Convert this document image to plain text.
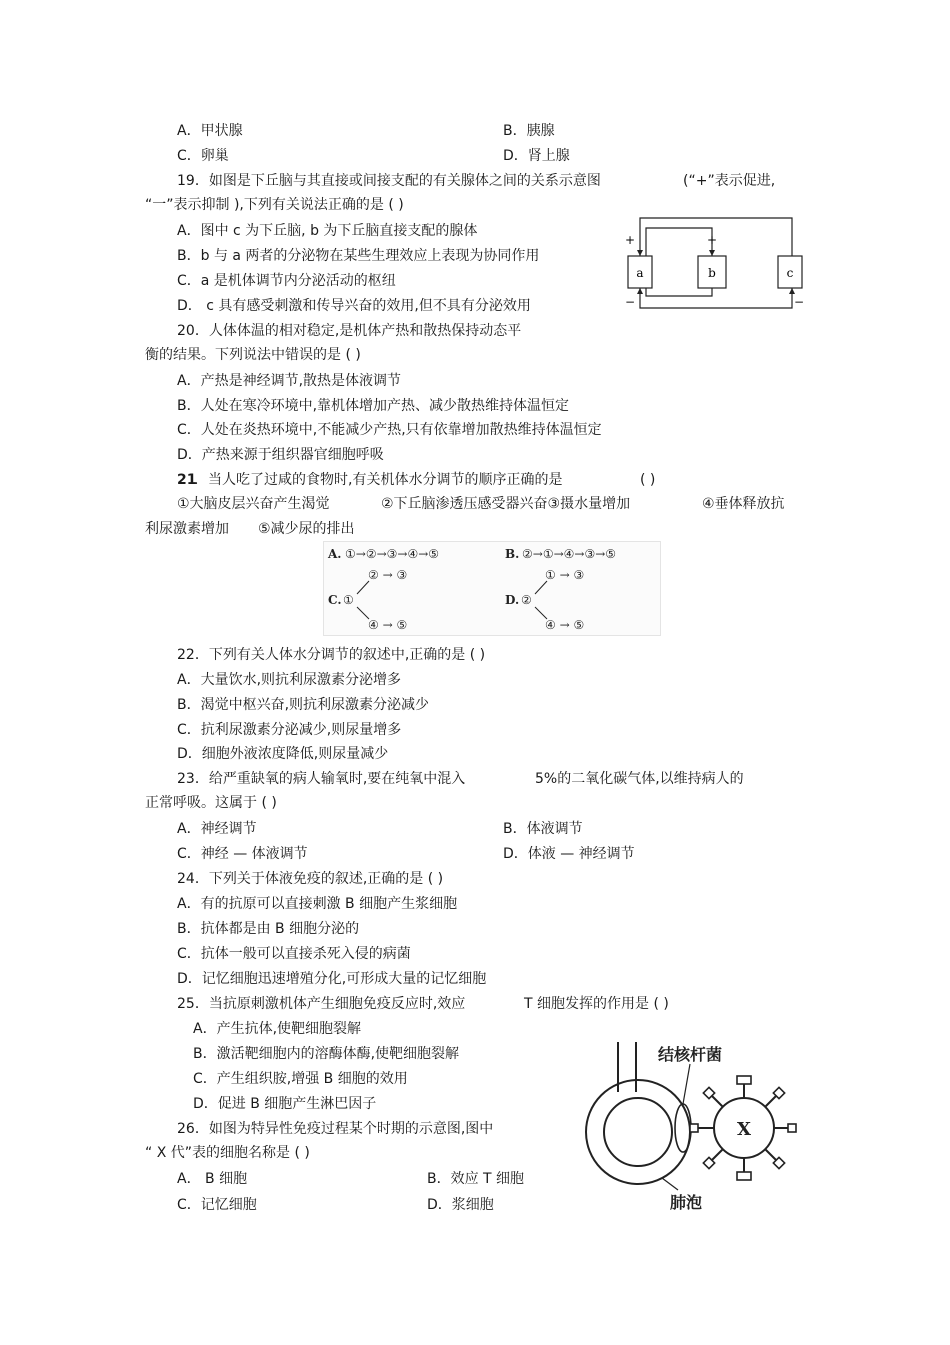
A．甲状腺	B．胰腺
C．卵巢	D．肾上腺
19．如图是下丘脑与其直接或间接支配的有关腺体之间的关系示意图	(“+”表示促进,
“一”表示抑制 ),下列有关说法正确的是 ( )
A．图中 c 为下丘脑, b 为下丘脑直接支配的腺体
B．b 与 a 两者的分泌物在某些生理效应上表现为协同作用
C．a 是机体调节内分泌活动的枢纽
D． c 具有感受刺激和传导兴奋的效用,但不具有分泌效用
a	b	c
+	+
−	−
20．人体体温的相对稳定,是机体产热和散热保持动态平
衡的结果。下列说法中错误的是 ( )
A．产热是神经调节,散热是体液调节
B．人处在寒冷环境中,靠机体增加产热、减少散热维持体温恒定
C．人处在炎热环境中,不能减少产热,只有依靠增加散热维持体温恒定
D．产热来源于组织器官细胞呼吸
21
．当人吃了过咸的食物时,有关机体水分调节的顺序正确的是	( )
①大脑皮层兴奋产生渴觉	②下丘脑渗透压感受器兴奋③摄水量增加	④垂体释放抗
利尿激素增加 ⑤减少尿的排出
A. ①→②→③→④→⑤	B. ②→①→④→③→⑤
C. ①
② → ③
④ → ⑤
D. ②
① → ③
④ → ⑤
22．下列有关人体水分调节的叙述中,正确的是 ( )
A．大量饮水,则抗利尿激素分泌增多
B．渴觉中枢兴奋,则抗利尿激素分泌减少
C．抗利尿激素分泌减少,则尿量增多
D．细胞外液浓度降低,则尿量减少
23．给严重缺氧的病人输氧时,要在纯氧中混入	5%的二氧化碳气体,以维持病人的
正常呼吸。这属于 ( )
A．神经调节	B．体液调节
C．神经 — 体液调节	D．体液 — 神经调节
24．下列关于体液免疫的叙述,正确的是 ( )
A．有的抗原可以直接刺激 B 细胞产生浆细胞
B．抗体都是由 B 细胞分泌的
C．抗体一般可以直接杀死入侵的病菌
D．记忆细胞迅速增殖分化,可形成大量的记忆细胞
25．当抗原刺激机体产生细胞免疫反应时,效应	T 细胞发挥的作用是 ( )
A．产生抗体,使靶细胞裂解
B．激活靶细胞内的溶酶体酶,使靶细胞裂解
C．产生组织胺,增强 B 细胞的效用
D．促进 B 细胞产生淋巴因子
26．如图为特异性免疫过程某个时期的示意图,图中
“ X 代”表的细胞名称是 ( )
A． B 细胞	B．效应 T 细胞
C．记忆细胞	D．浆细胞
结核杆菌
肺泡
X
